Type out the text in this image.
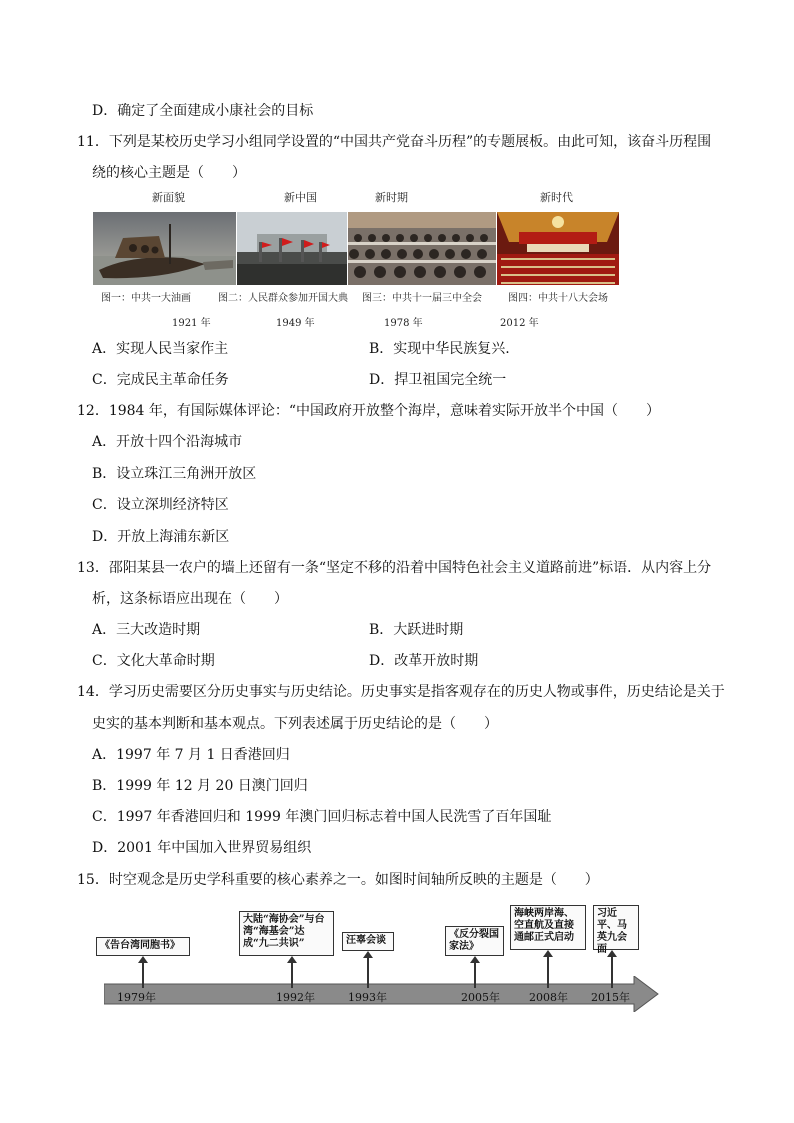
D．确定了全面建成小康社会的目标
11．下列是某校历史学习小组同学设置的“中国共产党奋斗历程”的专题展板。由此可知，该奋斗历程围
绕的核心主题是（　　）
新面貌	新中国	新时期	新时代
图一：中共一大油画	图二：人民群众参加开国大典 图三：中共十一届三中全会	图四：中共十八大会场
1921 年	1949 年	1978 年	2012 年
A．实现人民当家作主	B．实现中华民族复兴.
C．完成民主革命任务	D．捍卫祖国完全统一
12．1984 年，有国际媒体评论：“中国政府开放整个海岸，意味着实际开放半个中国（　　）
A．开放十四个沿海城市
B．设立珠江三角洲开放区
C．设立深圳经济特区
D．开放上海浦东新区
13．邵阳某县一农户的墙上还留有一条“坚定不移的沿着中国特色社会主义道路前进”标语．从内容上分
析，这条标语应出现在（　　）
A．三大改造时期	B．大跃进时期
C．文化大革命时期	D．改革开放时期
14．学习历史需要区分历史事实与历史结论。历史事实是指客观存在的历史人物或事件，历史结论是关于
史实的基本判断和基本观点。下列表述属于历史结论的是（　　）
A．1997 年 7 月 1 日香港回归
B．1999 年 12 月 20 日澳门回归
C．1997 年香港回归和 1999 年澳门回归标志着中国人民洗雪了百年国耻
D．2001 年中国加入世界贸易组织
15．时空观念是历史学科重要的核心素养之一。如图时间轴所反映的主题是（　　）
《告台湾同胞书》
大陆“海协会”与台湾“海基会”达成“九二共识”	汪辜会谈
《反分裂国家法》
海峡两岸海、空直航及直接通邮正式启动
习近平、马英九会面
1979年	1992年	1993年	2005年	2008年 2015年
